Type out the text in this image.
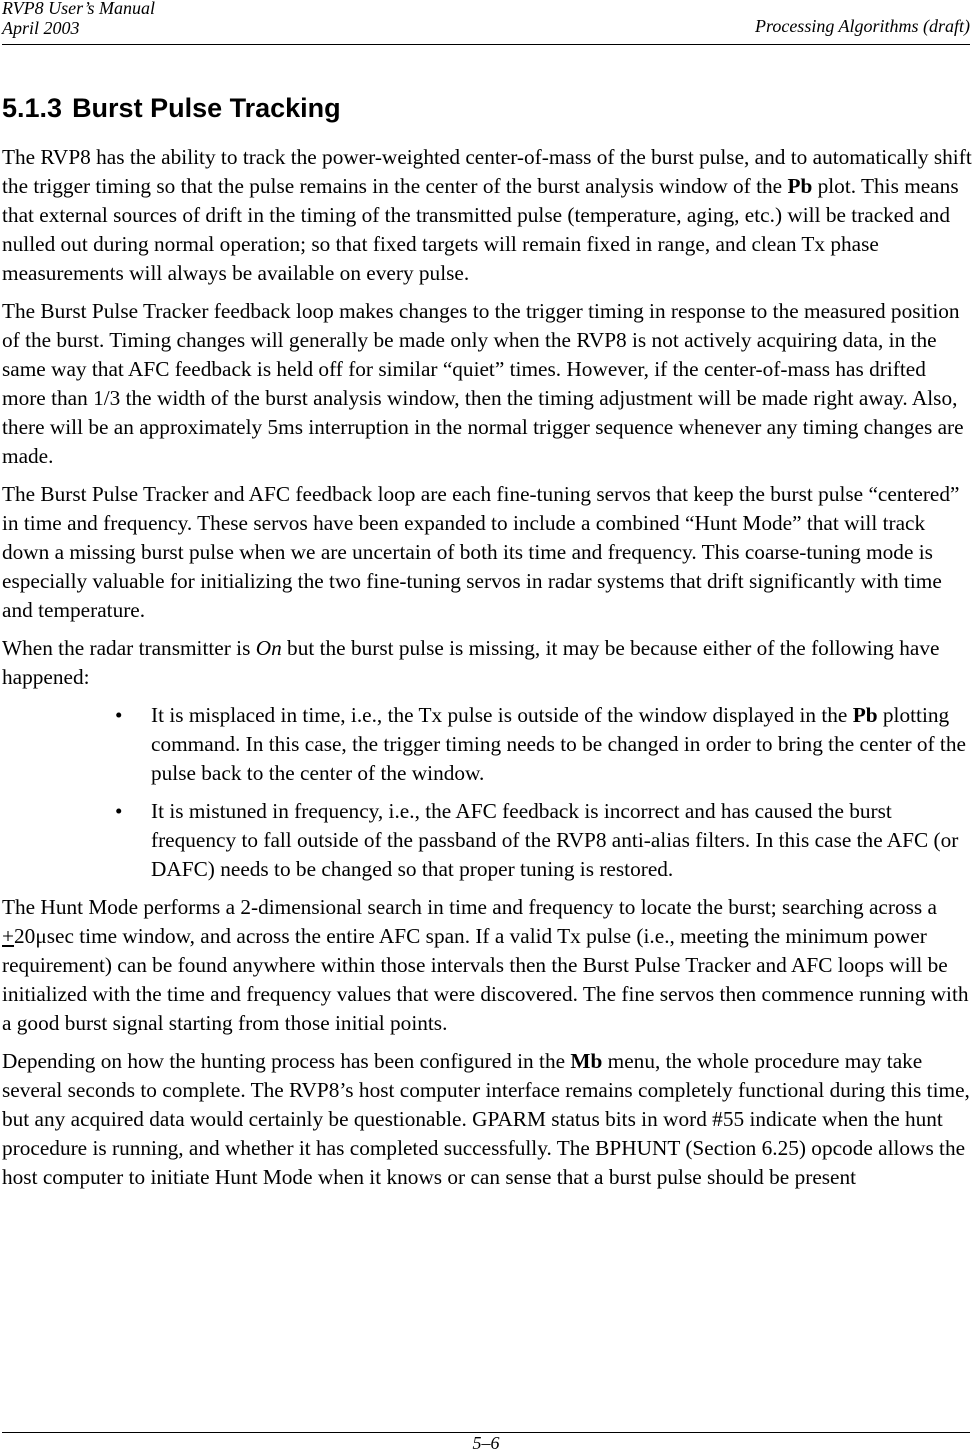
RVP8 User’s Manual
April 2003	Processing Algorithms (draft)
5.1.3 Burst Pulse Tracking

The RVP8 has the ability to track the power-weighted center-of-mass of the burst pulse, and to automatically shift the trigger timing so that the pulse remains in the center of the burst analysis window of the Pb plot. This means that external sources of drift in the timing of the transmitted pulse (temperature, aging, etc.) will be tracked and nulled out during normal operation; so that fixed targets will remain fixed in range, and clean Tx phase measurements will always be available on every pulse.

The Burst Pulse Tracker feedback loop makes changes to the trigger timing in response to the measured position of the burst. Timing changes will generally be made only when the RVP8 is not actively acquiring data, in the same way that AFC feedback is held off for similar “quiet” times. However, if the center-of-mass has drifted more than 1/3 the width of the burst analysis window, then the timing adjustment will be made right away. Also, there will be an approximately 5ms interruption in the normal trigger sequence whenever any timing changes are made.

The Burst Pulse Tracker and AFC feedback loop are each fine-tuning servos that keep the burst pulse “centered” in time and frequency. These servos have been expanded to include a combined “Hunt Mode” that will track down a missing burst pulse when we are uncertain of both its time and frequency. This coarse-tuning mode is especially valuable for initializing the two fine-tuning servos in radar systems that drift significantly with time and temperature.

When the radar transmitter is On but the burst pulse is missing, it may be because either of the following have happened:

• It is misplaced in time, i.e., the Tx pulse is outside of the window displayed in the Pb plotting command. In this case, the trigger timing needs to be changed in order to bring the center of the pulse back to the center of the window.
• It is mistuned in frequency, i.e., the AFC feedback is incorrect and has caused the burst frequency to fall outside of the passband of the RVP8 anti-alias filters. In this case the AFC (or DAFC) needs to be changed so that proper tuning is restored.

The Hunt Mode performs a 2-dimensional search in time and frequency to locate the burst; searching across a +20μsec time window, and across the entire AFC span. If a valid Tx pulse (i.e., meeting the minimum power requirement) can be found anywhere within those intervals then the Burst Pulse Tracker and AFC loops will be initialized with the time and frequency values that were discovered. The fine servos then commence running with a good burst signal starting from those initial points.

Depending on how the hunting process has been configured in the Mb menu, the whole procedure may take several seconds to complete. The RVP8’s host computer interface remains completely functional during this time, but any acquired data would certainly be questionable. GPARM status bits in word #55 indicate when the hunt procedure is running, and whether it has completed successfully. The BPHUNT (Section 6.25) opcode allows the host computer to initiate Hunt Mode when it knows or can sense that a burst pulse should be present

5–6
